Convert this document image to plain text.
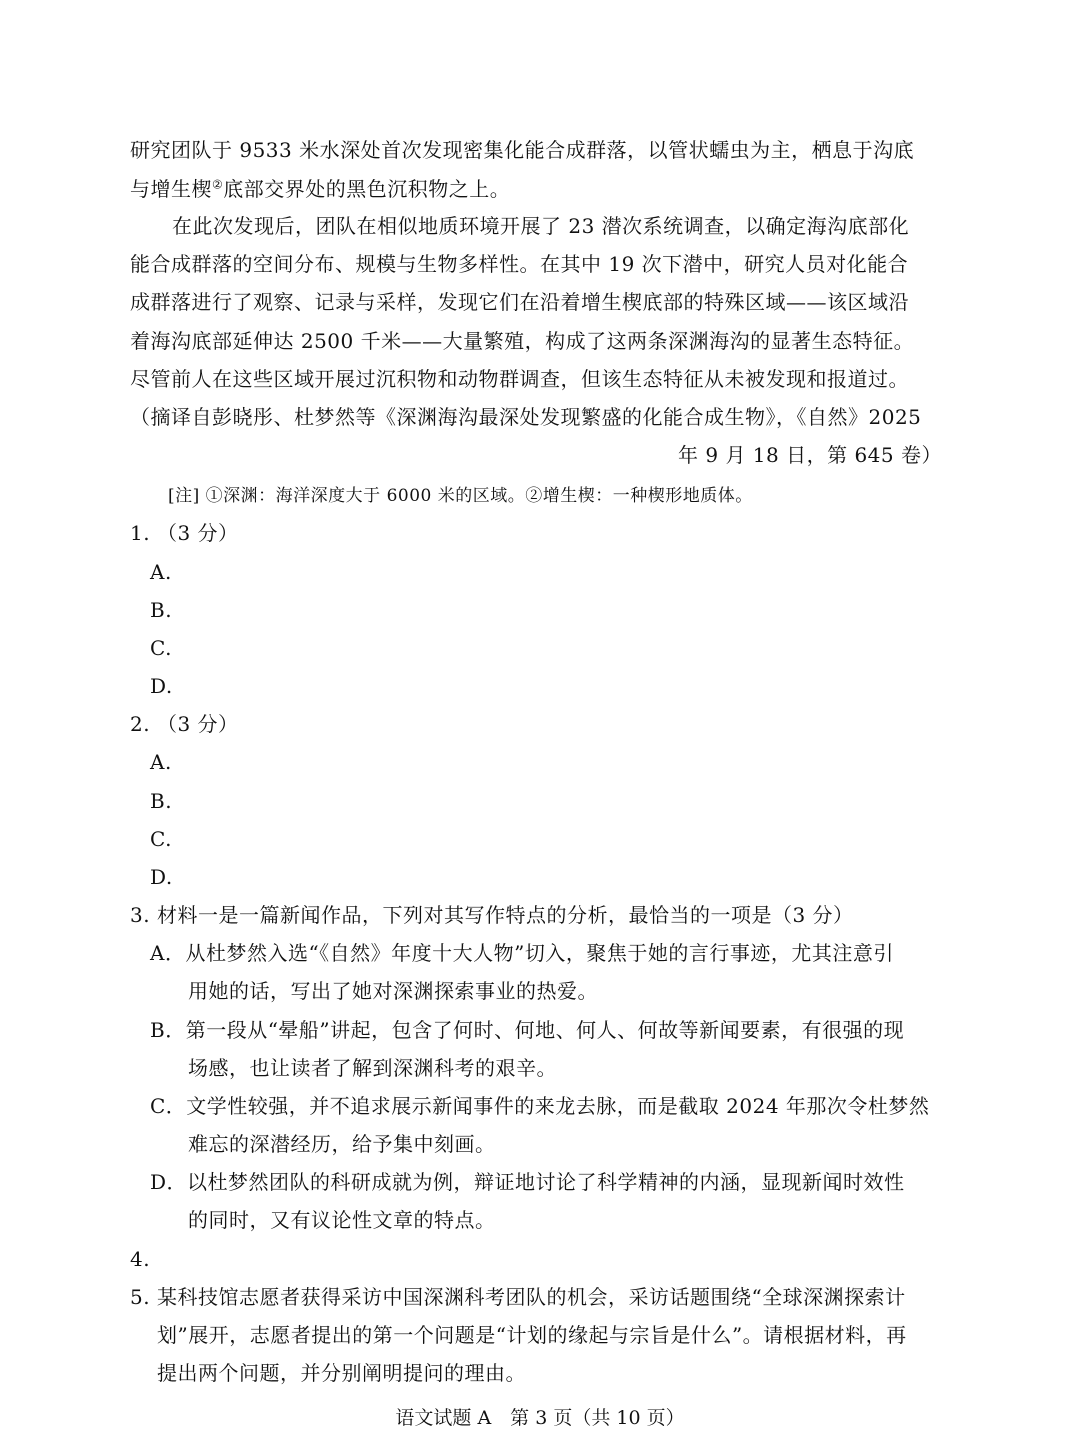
研究团队于 9533 米水深处首次发现密集化能合成群落，以管状蠕虫为主，栖息于沟底
与增生楔②底部交界处的黑色沉积物之上。
在此次发现后，团队在相似地质环境开展了 23 潜次系统调查，以确定海沟底部化
能合成群落的空间分布、规模与生物多样性。在其中 19 次下潜中，研究人员对化能合
成群落进行了观察、记录与采样，发现它们在沿着增生楔底部的特殊区域——该区域沿
着海沟底部延伸达 2500 千米——大量繁殖，构成了这两条深渊海沟的显著生态特征。
尽管前人在这些区域开展过沉积物和动物群调查，但该生态特征从未被发现和报道过。
（摘译自彭晓彤、杜梦然等《深渊海沟最深处发现繁盛的化能合成生物》，《自然》2025
年 9 月 18 日，第 645 卷）
[注] ①深渊：海洋深度大于 6000 米的区域。②增生楔：一种楔形地质体。
1. （3 分）
A.
B.
C.
D.
2. （3 分）
A.
B.
C.
D.
3. 材料一是一篇新闻作品，下列对其写作特点的分析，最恰当的一项是（3 分）
A．从杜梦然入选“《自然》年度十大人物”切入，聚焦于她的言行事迹，尤其注意引
用她的话，写出了她对深渊探索事业的热爱。
B．第一段从“晕船”讲起，包含了何时、何地、何人、何故等新闻要素，有很强的现
场感，也让读者了解到深渊科考的艰辛。
C．文学性较强，并不追求展示新闻事件的来龙去脉，而是截取 2024 年那次令杜梦然
难忘的深潜经历，给予集中刻画。
D．以杜梦然团队的科研成就为例，辩证地讨论了科学精神的内涵，显现新闻时效性
的同时，又有议论性文章的特点。
4.
5. 某科技馆志愿者获得采访中国深渊科考团队的机会，采访话题围绕“全球深渊探索计
划”展开，志愿者提出的第一个问题是“计划的缘起与宗旨是什么”。请根据材料，再
提出两个问题，并分别阐明提问的理由。
语文试题 A　第 3 页（共 10 页）
